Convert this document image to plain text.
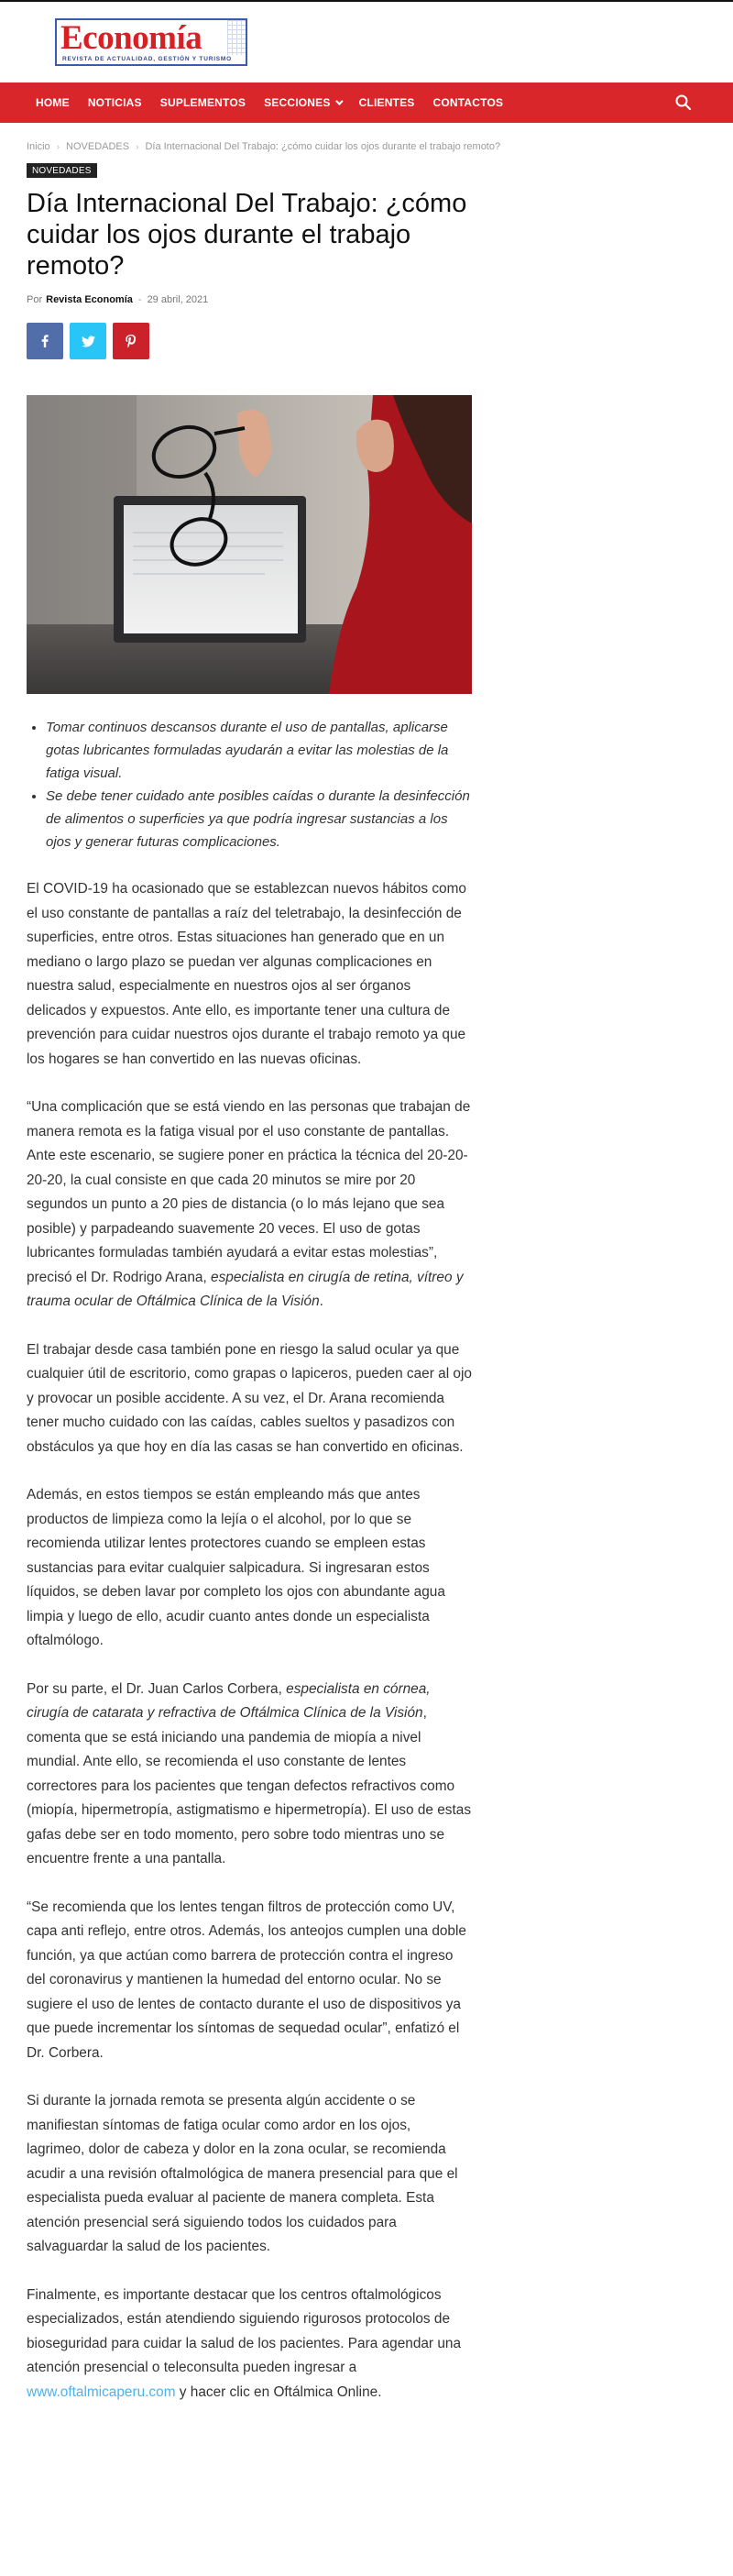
Economía
REVISTA DE ACTUALIDAD, GESTIÓN Y TURISMO
HOME	NOTICIAS	SUPLEMENTOS	SECCIONES	CLIENTES	CONTACTOS
Inicio › NOVEDADES › Día Internacional Del Trabajo: ¿cómo cuidar los ojos durante el trabajo remoto?
NOVEDADES
Día Internacional Del Trabajo: ¿cómo cuidar los ojos durante el trabajo remoto?
Por Revista Economía - 29 abril, 2021
• Tomar continuos descansos durante el uso de pantallas, aplicarse gotas lubricantes formuladas ayudarán a evitar las molestias de la fatiga visual.
• Se debe tener cuidado ante posibles caídas o durante la desinfección de alimentos o superficies ya que podría ingresar sustancias a los ojos y generar futuras complicaciones.

El COVID-19 ha ocasionado que se establezcan nuevos hábitos como el uso constante de pantallas a raíz del teletrabajo, la desinfección de superficies, entre otros. Estas situaciones han generado que en un mediano o largo plazo se puedan ver algunas complicaciones en nuestra salud, especialmente en nuestros ojos al ser órganos delicados y expuestos. Ante ello, es importante tener una cultura de prevención para cuidar nuestros ojos durante el trabajo remoto ya que los hogares se han convertido en las nuevas oficinas.

“Una complicación que se está viendo en las personas que trabajan de manera remota es la fatiga visual por el uso constante de pantallas. Ante este escenario, se sugiere poner en práctica la técnica del 20-20-20-20, la cual consiste en que cada 20 minutos se mire por 20 segundos un punto a 20 pies de distancia (o lo más lejano que sea posible) y parpadeando suavemente 20 veces. El uso de gotas lubricantes formuladas también ayudará a evitar estas molestias”, precisó el Dr. Rodrigo Arana, especialista en cirugía de retina, vítreo y trauma ocular de Oftálmica Clínica de la Visión.

El trabajar desde casa también pone en riesgo la salud ocular ya que cualquier útil de escritorio, como grapas o lapiceros, pueden caer al ojo y provocar un posible accidente. A su vez, el Dr. Arana recomienda tener mucho cuidado con las caídas, cables sueltos y pasadizos con obstáculos ya que hoy en día las casas se han convertido en oficinas.

Además, en estos tiempos se están empleando más que antes productos de limpieza como la lejía o el alcohol, por lo que se recomienda utilizar lentes protectores cuando se empleen estas sustancias para evitar cualquier salpicadura. Si ingresaran estos líquidos, se deben lavar por completo los ojos con abundante agua limpia y luego de ello, acudir cuanto antes donde un especialista oftalmólogo.

Por su parte, el Dr. Juan Carlos Corbera, especialista en córnea, cirugía de catarata y refractiva de Oftálmica Clínica de la Visión, comenta que se está iniciando una pandemia de miopía a nivel mundial. Ante ello, se recomienda el uso constante de lentes correctores para los pacientes que tengan defectos refractivos como (miopía, hipermetropía, astigmatismo e hipermetropía). El uso de estas gafas debe ser en todo momento, pero sobre todo mientras uno se encuentre frente a una pantalla.

“Se recomienda que los lentes tengan filtros de protección como UV, capa anti reflejo, entre otros. Además, los anteojos cumplen una doble función, ya que actúan como barrera de protección contra el ingreso del coronavirus y mantienen la humedad del entorno ocular. No se sugiere el uso de lentes de contacto durante el uso de dispositivos ya que puede incrementar los síntomas de sequedad ocular”, enfatizó el Dr. Corbera.

Si durante la jornada remota se presenta algún accidente o se manifiestan síntomas de fatiga ocular como ardor en los ojos, lagrimeo, dolor de cabeza y dolor en la zona ocular, se recomienda acudir a una revisión oftalmológica de manera presencial para que el especialista pueda evaluar al paciente de manera completa. Esta atención presencial será siguiendo todos los cuidados para salvaguardar la salud de los pacientes.

Finalmente, es importante destacar que los centros oftalmológicos especializados, están atendiendo siguiendo rigurosos protocolos de bioseguridad para cuidar la salud de los pacientes. Para agendar una atención presencial o teleconsulta pueden ingresar a www.oftalmicaperu.com y hacer clic en Oftálmica Online.
